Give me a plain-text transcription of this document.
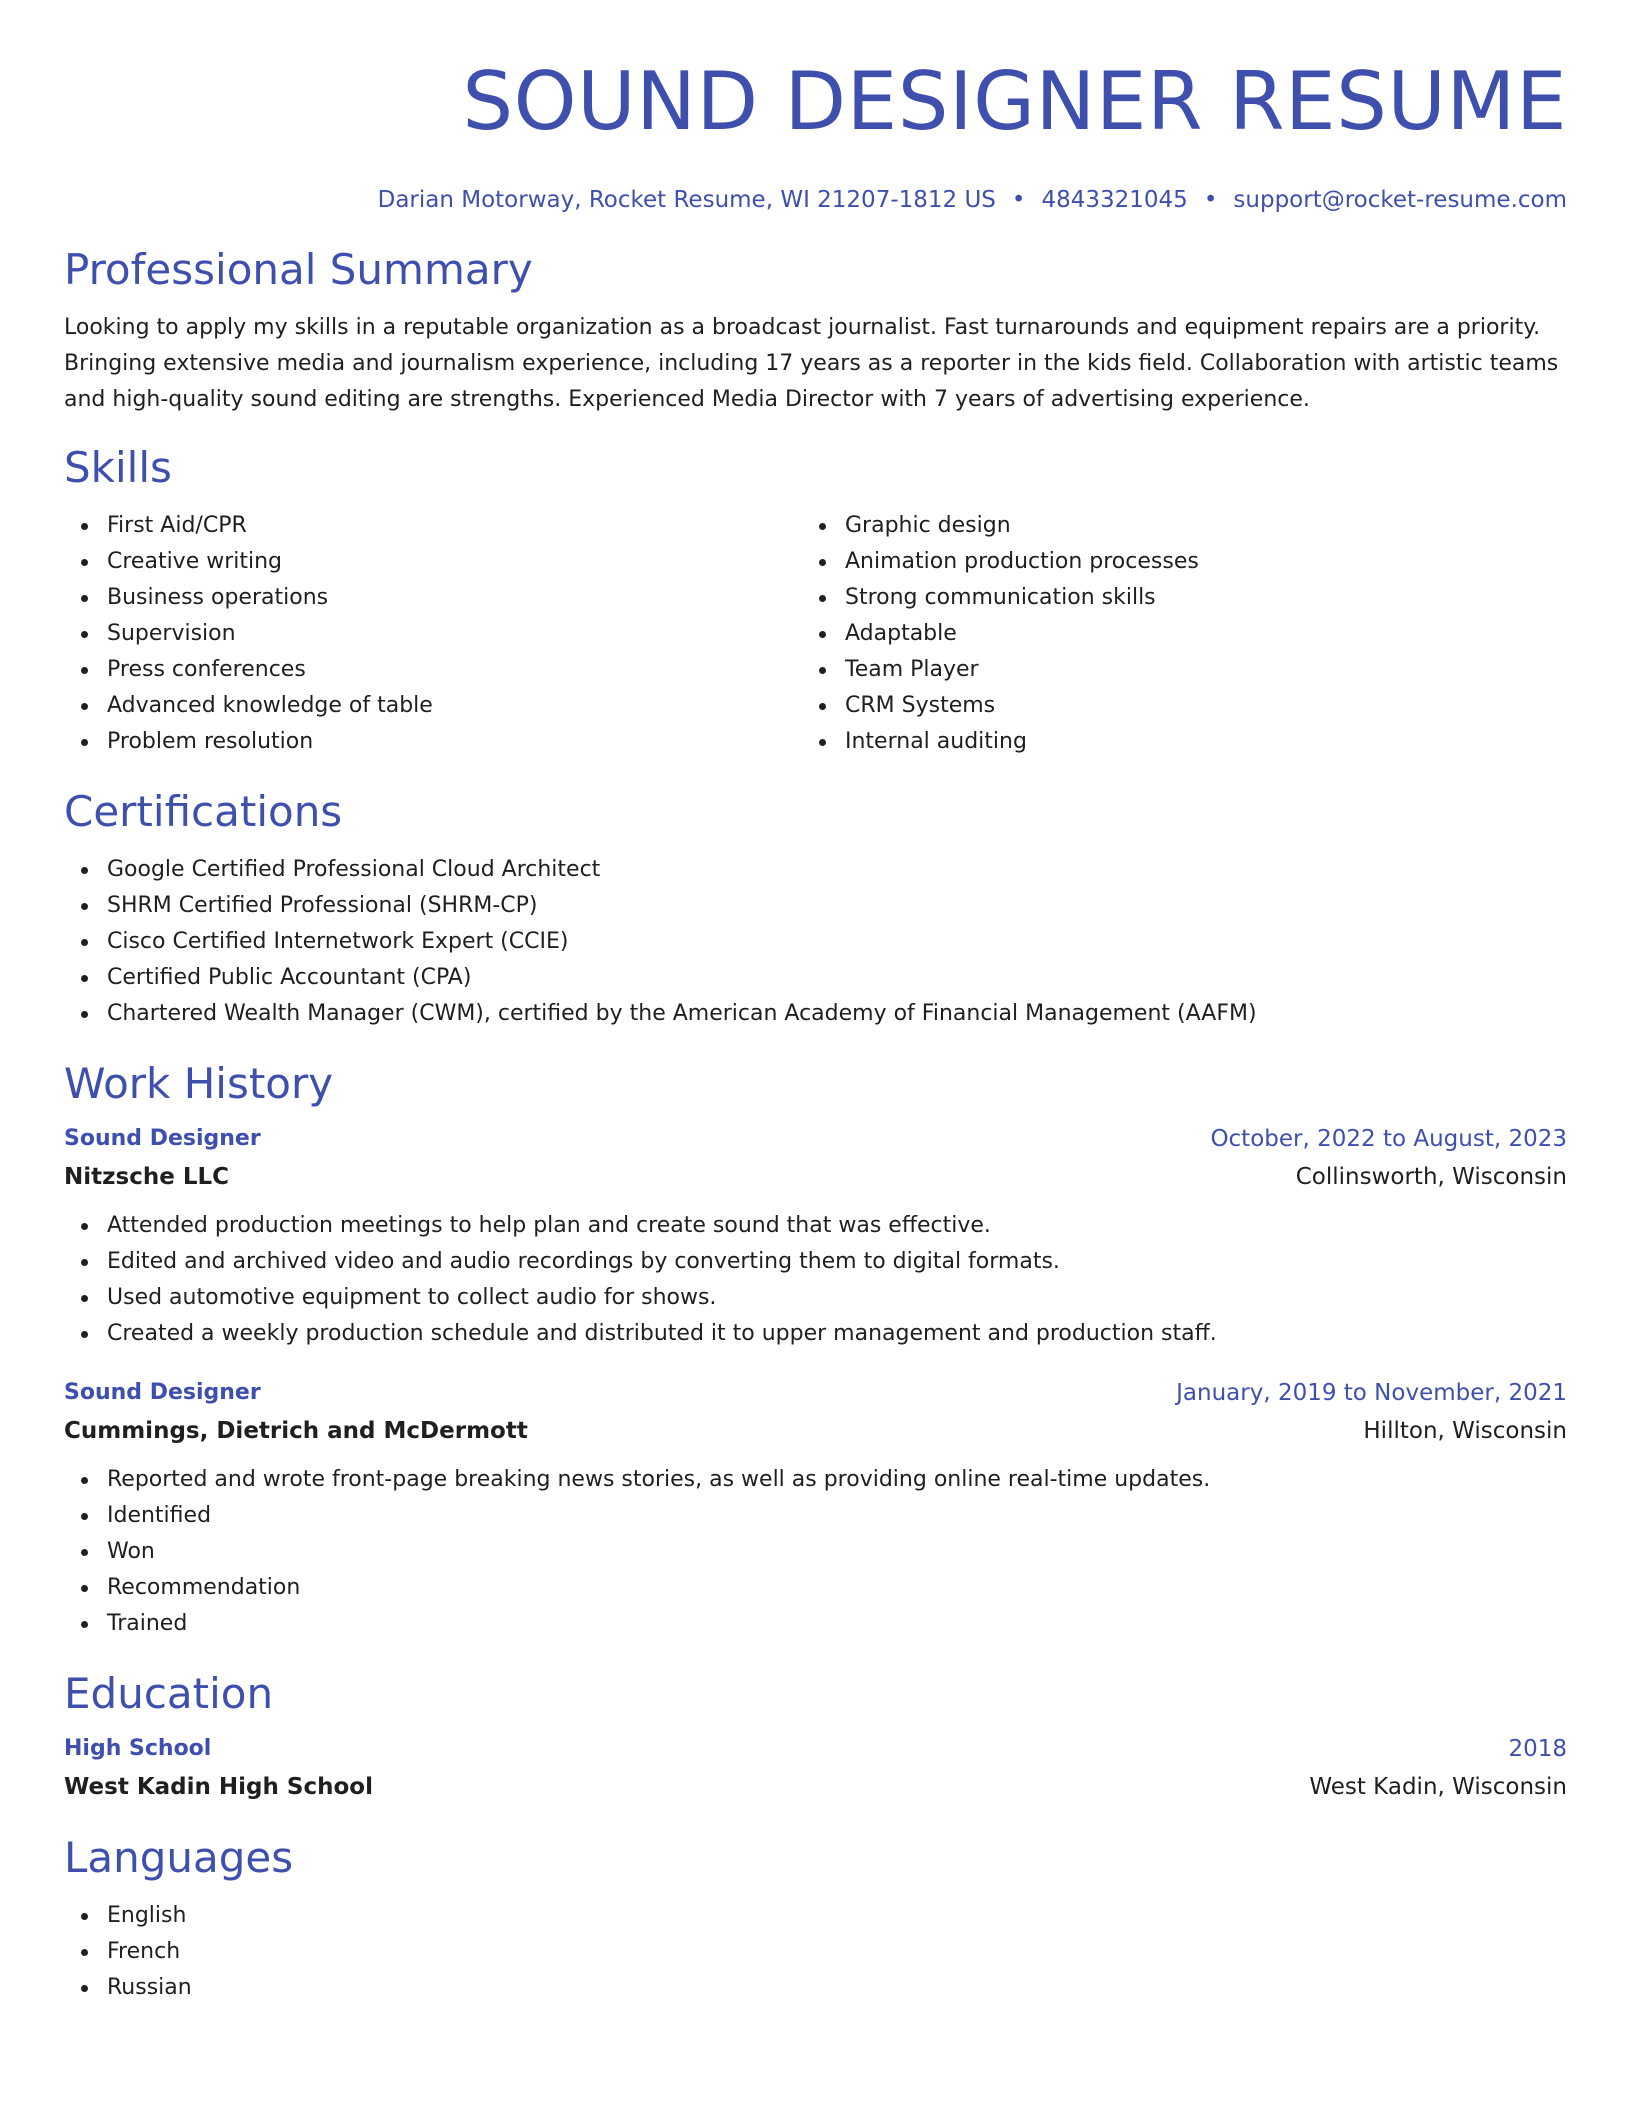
SOUND DESIGNER RESUME
Darian Motorway, Rocket Resume, WI 21207-1812 US • 4843321045 • support@rocket-resume.com
Professional Summary

Looking to apply my skills in a reputable organization as a broadcast journalist. Fast turnarounds and equipment repairs are a priority. Bringing extensive media and journalism experience, including 17 years as a reporter in the kids field. Collaboration with artistic teams and high-quality sound editing are strengths. Experienced Media Director with 7 years of advertising experience.

Skills
First Aid/CPR
Creative writing
Business operations
Supervision
Press conferences
Advanced knowledge of table
Problem resolution
Graphic design
Animation production processes
Strong communication skills
Adaptable
Team Player
CRM Systems
Internal auditing
Certifications
Google Certified Professional Cloud Architect
SHRM Certified Professional (SHRM-CP)
Cisco Certified Internetwork Expert (CCIE)
Certified Public Accountant (CPA)
Chartered Wealth Manager (CWM), certified by the American Academy of Financial Management (AAFM)
Work History
Sound Designer	October, 2022 to August, 2023
Nitzsche LLC	Collinsworth, Wisconsin
Attended production meetings to help plan and create sound that was effective.
Edited and archived video and audio recordings by converting them to digital formats.
Used automotive equipment to collect audio for shows.
Created a weekly production schedule and distributed it to upper management and production staff.
Sound Designer	January, 2019 to November, 2021
Cummings, Dietrich and McDermott	Hillton, Wisconsin
Reported and wrote front-page breaking news stories, as well as providing online real-time updates.
Identified
Won
Recommendation
Trained
Education
High School	2018
West Kadin High School	West Kadin, Wisconsin
Languages
English
French
Russian
